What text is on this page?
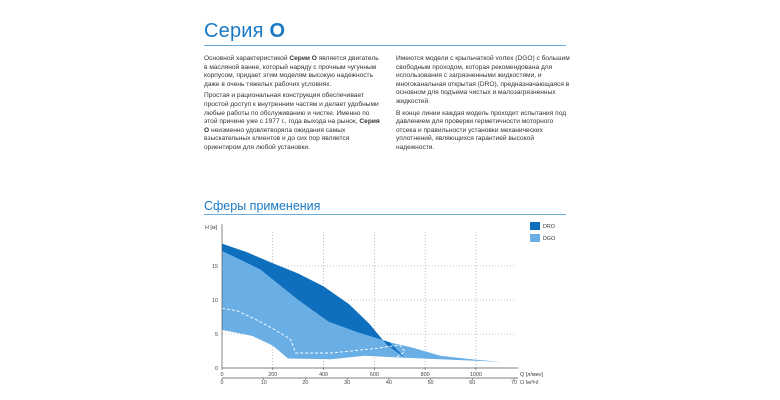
Серия O

Основной характеристикой Серии O является двигатель в масляной ванне, который наряду с прочным чугунным корпусом, придает этим моделям высокую надежность даже в очень тяжелых рабочих условиях.

Простая и рациональная конструкция обеспечивает простой доступ к внутренним частям и делает удобными любые работы по обслуживанию и чистке. Именно по этой причине уже с 1977 г., года выхода на рынок, Серия O неизменно удовлетворяла ожидания самых взыскательных клиентов и до сих пор является ориентиром для любой установки.

Имеются модели с крыльчаткой vortex (DGO) с большим свободным проходом, которая рекомендована для использования с загрязненными жидкостями, и многоканальная открытая (DRO), предназначающаяся в основном для подъема чистых и малозагрязненных жидкостей.

В конце линии каждая модель проходит испытания под давлением для проверки герметичности моторного отсека и правильности установки механических уплотнений, являющихся гарантией высокой надежности.

Сферы применения
0
5
10
15
H [м]
0	200	400	600	800	1000	Q [л/мин]
0	10	20	30	40	50	60	70 Q [м³/ч]
DRO
DGO
